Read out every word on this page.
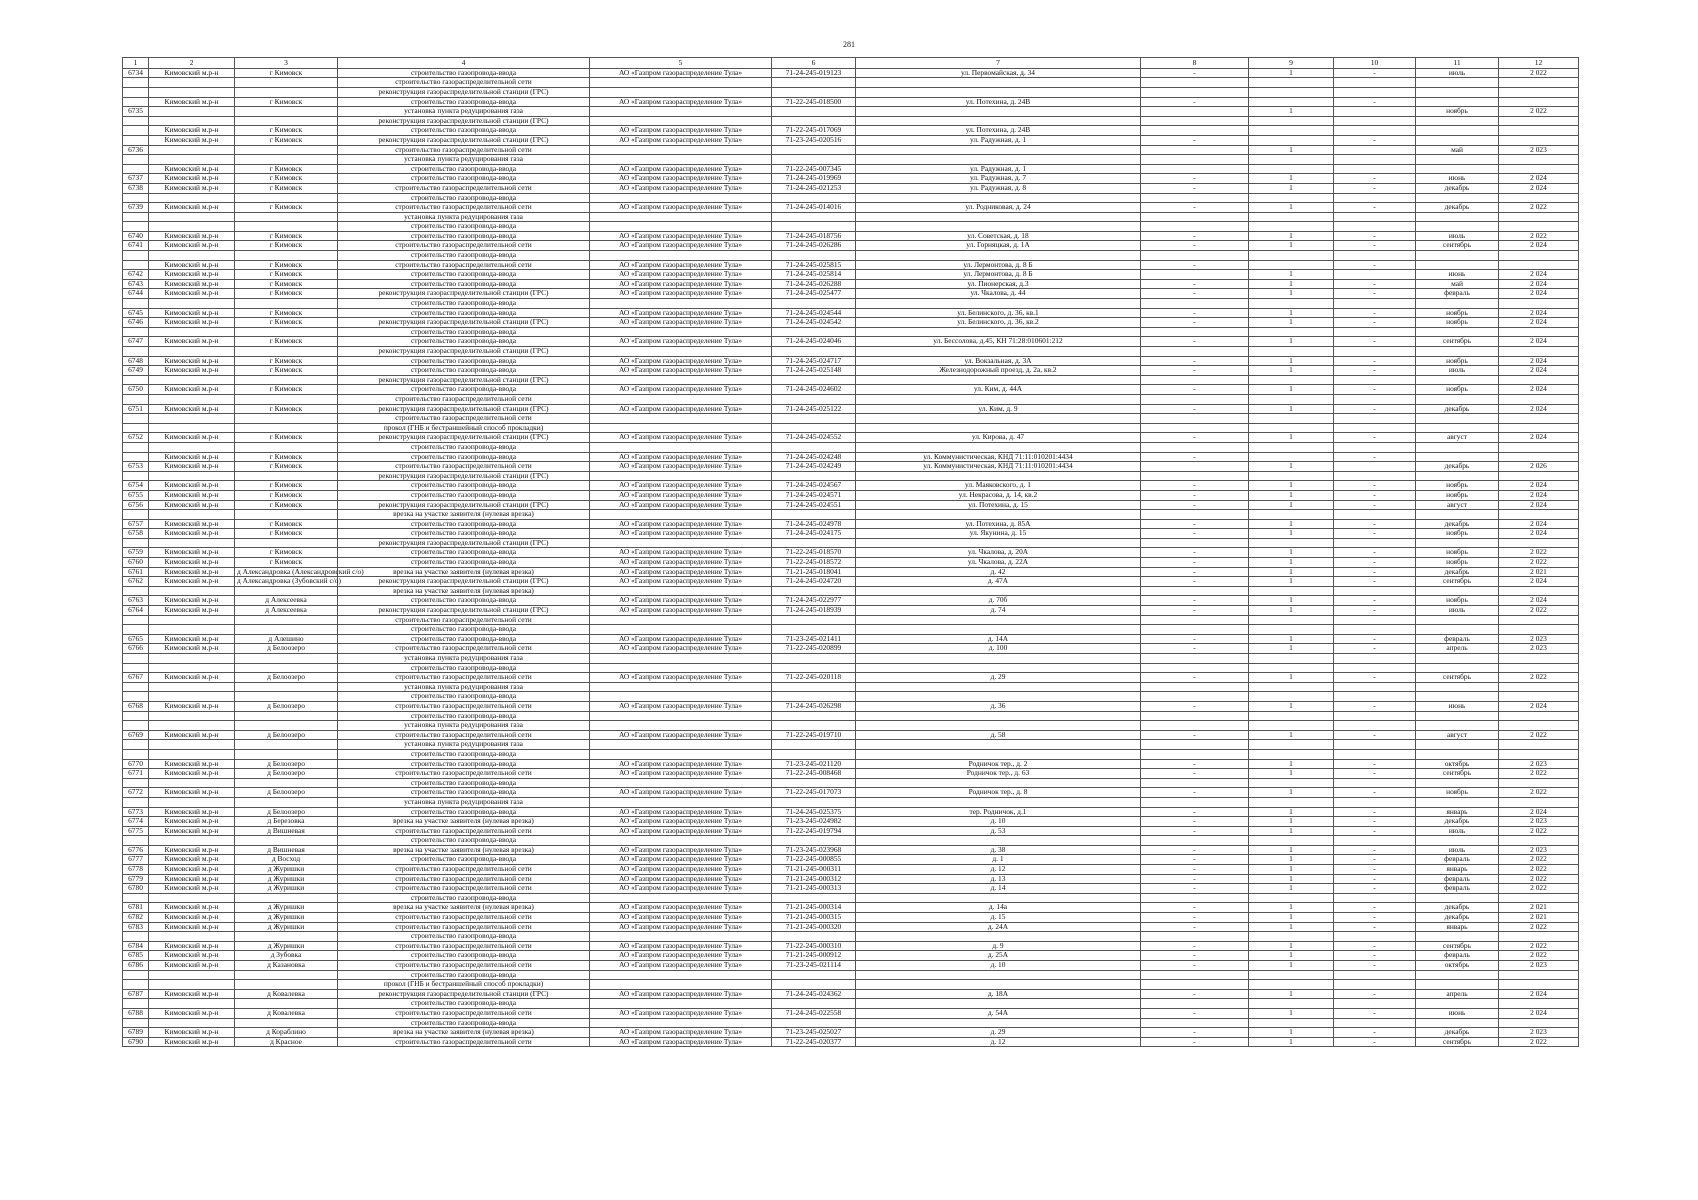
281
1	2	3	4	5	6	7	8	9	10	11	12
6734	Кимовский м.р-н	г Кимовск	строительство газопровода-ввода	АО «Газпром газораспределение Тула»	71-24-245-019123	ул. Первомайская, д. 34	-	1	-	июль	2 022
			строительство газораспределительной сети								
			реконструкция газораспределительной станции (ГРС)								
	Кимовский м.р-н	г Кимовск	строительство газопровода-ввода	АО «Газпром газораспределение Тула»	71-22-245-018500	ул. Потехина, д. 24В	-		-		
6735			установка пункта редуцирования газа					1		ноябрь	2 022
			реконструкция газораспределительной станции (ГРС)								
	Кимовский м.р-н	г Кимовск	строительство газопровода-ввода	АО «Газпром газораспределение Тула»	71-22-245-017069	ул. Потехина, д. 24В					
	Кимовский м.р-н	г Кимовск	реконструкция газораспределительной станции (ГРС)	АО «Газпром газораспределение Тула»	71-23-245-020516	ул. Радужная, д. 1	-		-		
6736			строительство газораспределительной сети					1		май	2 023
			установка пункта редуцирования газа								
	Кимовский м.р-н	г Кимовск	строительство газопровода-ввода	АО «Газпром газораспределение Тула»	71-22-245-007345	ул. Радужная, д. 1					
6737	Кимовский м.р-н	г Кимовск	строительство газопровода-ввода	АО «Газпром газораспределение Тула»	71-24-245-019969	ул. Радужная, д. 7	-	1	-	июнь	2 024
6738	Кимовский м.р-н	г Кимовск	строительство газораспределительной сети	АО «Газпром газораспределение Тула»	71-24-245-021253	ул. Радужная, д. 8	-	1	-	декабрь	2 024
			строительство газопровода-ввода								
6739	Кимовский м.р-н	г Кимовск	строительство газораспределительной сети	АО «Газпром газораспределение Тула»	71-24-245-014016	ул. Родниковая, д. 24	-	1	-	декабрь	2 022
			установка пункта редуцирования газа								
			строительство газопровода-ввода								
6740	Кимовский м.р-н	г Кимовск	строительство газопровода-ввода	АО «Газпром газораспределение Тула»	71-24-245-018756	ул. Советская, д. 18	-	1	-	июль	2 022
6741	Кимовский м.р-н	г Кимовск	строительство газораспределительной сети	АО «Газпром газораспределение Тула»	71-24-245-026286	ул. Горняцкая, д. 1А	-	1	-	сентябрь	2 024
			строительство газопровода-ввода								
	Кимовский м.р-н	г Кимовск	строительство газораспределительной сети	АО «Газпром газораспределение Тула»	71-24-245-025815	ул. Лермонтова, д. 8 Б	-		-		
6742	Кимовский м.р-н	г Кимовск	строительство газопровода-ввода	АО «Газпром газораспределение Тула»	71-24-245-025814	ул. Лермонтова, д. 8 Б		1		июнь	2 024
6743	Кимовский м.р-н	г Кимовск	строительство газопровода-ввода	АО «Газпром газораспределение Тула»	71-24-245-026288	ул. Пионерская, д.3	-	1	-	май	2 024
6744	Кимовский м.р-н	г Кимовск	реконструкция газораспределительной станции (ГРС)	АО «Газпром газораспределение Тула»	71-24-245-025477	ул. Чкалова, д. 44	-	1	-	февраль	2 024
			строительство газопровода-ввода								
6745	Кимовский м.р-н	г Кимовск	строительство газопровода-ввода	АО «Газпром газораспределение Тула»	71-24-245-024544	ул. Белинского, д. 36, кв.1	-	1	-	ноябрь	2 024
6746	Кимовский м.р-н	г Кимовск	реконструкция газораспределительной станции (ГРС)	АО «Газпром газораспределение Тула»	71-24-245-024542	ул. Белинского, д. 36, кв.2	-	1	-	ноябрь	2 024
			строительство газопровода-ввода								
6747	Кимовский м.р-н	г Кимовск	строительство газопровода-ввода	АО «Газпром газораспределение Тула»	71-24-245-024046	ул. Бессолова, д.45, КН 71:28:010601:212	-	1	-	сентябрь	2 024
			реконструкция газораспределительной станции (ГРС)								
6748	Кимовский м.р-н	г Кимовск	строительство газопровода-ввода	АО «Газпром газораспределение Тула»	71-24-245-024717	ул. Вокзальная, д. 3А	-	1	-	ноябрь	2 024
6749	Кимовский м.р-н	г Кимовск	строительство газопровода-ввода	АО «Газпром газораспределение Тула»	71-24-245-025148	Железнодорожный проезд, д. 2а, кв.2	-	1	-	июль	2 024
			реконструкция газораспределительной станции (ГРС)								
6750	Кимовский м.р-н	г Кимовск	строительство газопровода-ввода	АО «Газпром газораспределение Тула»	71-24-245-024602	ул. Ким, д. 44А	-	1	-	ноябрь	2 024
			строительство газораспределительной сети								
6751	Кимовский м.р-н	г Кимовск	реконструкция газораспределительной станции (ГРС)	АО «Газпром газораспределение Тула»	71-24-245-025122	ул. Ким, д. 9	-	1	-	декабрь	2 024
			строительство газораспределительной сети								
			прокол (ГНБ и бестраншейный способ прокладки)								
6752	Кимовский м.р-н	г Кимовск	реконструкция газораспределительной станции (ГРС)	АО «Газпром газораспределение Тула»	71-24-245-024552	ул. Кирова, д. 47	-	1	-	август	2 024
			строительство газопровода-ввода								
	Кимовский м.р-н	г Кимовск	строительство газопровода-ввода	АО «Газпром газораспределение Тула»	71-24-245-024248	ул. Коммунистическая, КНД 71:11:010201:4434	-		-		
6753	Кимовский м.р-н	г Кимовск	строительство газораспределительной сети	АО «Газпром газораспределение Тула»	71-24-245-024249	ул. Коммунистическая, КНД 71:11:010201:4434		1		декабрь	2 026
			реконструкция газораспределительной станции (ГРС)								
6754	Кимовский м.р-н	г Кимовск	строительство газопровода-ввода	АО «Газпром газораспределение Тула»	71-24-245-024567	ул. Маяковского, д. 1	-	1	-	ноябрь	2 024
6755	Кимовский м.р-н	г Кимовск	строительство газопровода-ввода	АО «Газпром газораспределение Тула»	71-24-245-024571	ул. Некрасова, д. 14, кв.2	-	1	-	ноябрь	2 024
6756	Кимовский м.р-н	г Кимовск	реконструкция газораспределительной станции (ГРС)	АО «Газпром газораспределение Тула»	71-24-245-024551	ул. Потехина, д. 15	-	1	-	август	2 024
			врезка на участке заявителя (нулевая врезка)								
6757	Кимовский м.р-н	г Кимовск	строительство газопровода-ввода	АО «Газпром газораспределение Тула»	71-24-245-024978	ул. Потехина, д. 85А	-	1	-	декабрь	2 024
6758	Кимовский м.р-н	г Кимовск	строительство газопровода-ввода	АО «Газпром газораспределение Тула»	71-24-245-024175	ул. Якунина, д. 15	-	1	-	ноябрь	2 024
			реконструкция газораспределительной станции (ГРС)								
6759	Кимовский м.р-н	г Кимовск	строительство газопровода-ввода	АО «Газпром газораспределение Тула»	71-22-245-018570	ул. Чкалова, д. 20А	-	1	-	ноябрь	2 022
6760	Кимовский м.р-н	г Кимовск	строительство газопровода-ввода	АО «Газпром газораспределение Тула»	71-22-245-018572	ул. Чкалова, д. 22А	-	1	-	ноябрь	2 022
6761	Кимовский м.р-н	д Александровка (Александровский с/о)	врезка на участке заявителя (нулевая врезка)	АО «Газпром газораспределение Тула»	71-21-245-018041	д. 42	-	1	-	декабрь	2 021
6762	Кимовский м.р-н	д Александровка (Зубовский с/о)	реконструкция газораспределительной станции (ГРС)	АО «Газпром газораспределение Тула»	71-24-245-024720	д. 47А	-	1	-	сентябрь	2 024
			врезка на участке заявителя (нулевая врезка)								
6763	Кимовский м.р-н	д Алексеевка	строительство газопровода-ввода	АО «Газпром газораспределение Тула»	71-24-245-022977	д. 70б	-	1	-	ноябрь	2 024
6764	Кимовский м.р-н	д Алексеевка	реконструкция газораспределительной станции (ГРС)	АО «Газпром газораспределение Тула»	71-24-245-018939	д. 74	-	1	-	июль	2 022
			строительство газораспределительной сети								
			строительство газопровода-ввода								
6765	Кимовский м.р-н	д Алешино	строительство газопровода-ввода	АО «Газпром газораспределение Тула»	71-23-245-021411	д. 14А	-	1	-	февраль	2 023
6766	Кимовский м.р-н	д Белоозеро	строительство газораспределительной сети	АО «Газпром газораспределение Тула»	71-22-245-020899	д. 100	-	1	-	апрель	2 023
			установка пункта редуцирования газа								
			строительство газопровода-ввода								
6767	Кимовский м.р-н	д Белоозеро	строительство газораспределительной сети	АО «Газпром газораспределение Тула»	71-22-245-020118	д. 29	-	1	-	сентябрь	2 022
			установка пункта редуцирования газа								
			строительство газопровода-ввода								
6768	Кимовский м.р-н	д Белоозеро	строительство газораспределительной сети	АО «Газпром газораспределение Тула»	71-24-245-026298	д. 36	-	1	-	июнь	2 024
			строительство газопровода-ввода								
			установка пункта редуцирования газа								
6769	Кимовский м.р-н	д Белоозеро	строительство газораспределительной сети	АО «Газпром газораспределение Тула»	71-22-245-019710	д. 58	-	1	-	август	2 022
			установка пункта редуцирования газа								
			строительство газопровода-ввода								
6770	Кимовский м.р-н	д Белоозеро	строительство газопровода-ввода	АО «Газпром газораспределение Тула»	71-23-245-021120	Родничок тер., д. 2	-	1	-	октябрь	2 023
6771	Кимовский м.р-н	д Белоозеро	строительство газораспределительной сети	АО «Газпром газораспределение Тула»	71-22-245-008468	Родничок тер., д. 63	-	1	-	сентябрь	2 022
			строительство газопровода-ввода								
6772	Кимовский м.р-н	д Белоозеро	строительство газопровода-ввода	АО «Газпром газораспределение Тула»	71-22-245-017073	Родничок тер., д. 8	-	1	-	ноябрь	2 022
			установка пункта редуцирования газа								
6773	Кимовский м.р-н	д Белоозеро	строительство газопровода-ввода	АО «Газпром газораспределение Тула»	71-24-245-025375	тер. Родничок, д.1	-	1	-	январь	2 024
6774	Кимовский м.р-н	д Березовка	врезка на участке заявителя (нулевая врезка)	АО «Газпром газораспределение Тула»	71-23-245-024982	д. 10	-	1	-	декабрь	2 023
6775	Кимовский м.р-н	д Вишневая	строительство газораспределительной сети	АО «Газпром газораспределение Тула»	71-22-245-019794	д. 53	-	1	-	июль	2 022
			строительство газопровода-ввода								
6776	Кимовский м.р-н	д Вишневая	врезка на участке заявителя (нулевая врезка)	АО «Газпром газораспределение Тула»	71-23-245-023968	д. 38	-	1	-	июль	2 023
6777	Кимовский м.р-н	д Восход	строительство газопровода-ввода	АО «Газпром газораспределение Тула»	71-22-245-000855	д. 1	-	1	-	февраль	2 022
6778	Кимовский м.р-н	д Журишки	строительство газораспределительной сети	АО «Газпром газораспределение Тула»	71-21-245-000311	д. 12	-	1	-	январь	2 022
6779	Кимовский м.р-н	д Журишки	строительство газораспределительной сети	АО «Газпром газораспределение Тула»	71-21-245-000312	д. 13	-	1	-	февраль	2 022
6780	Кимовский м.р-н	д Журишки	строительство газораспределительной сети	АО «Газпром газораспределение Тула»	71-21-245-000313	д. 14	-	1	-	февраль	2 022
			строительство газопровода-ввода								
6781	Кимовский м.р-н	д Журишки	врезка на участке заявителя (нулевая врезка)	АО «Газпром газораспределение Тула»	71-21-245-000314	д. 14а	-	1	-	декабрь	2 021
6782	Кимовский м.р-н	д Журишки	строительство газораспределительной сети	АО «Газпром газораспределение Тула»	71-21-245-000315	д. 15	-	1	-	декабрь	2 021
6783	Кимовский м.р-н	д Журишки	строительство газораспределительной сети	АО «Газпром газораспределение Тула»	71-21-245-000320	д. 24А	-	1	-	январь	2 022
			строительство газопровода-ввода								
6784	Кимовский м.р-н	д Журишки	строительство газораспределительной сети	АО «Газпром газораспределение Тула»	71-22-245-000310	д. 9	-	1	-	сентябрь	2 022
6785	Кимовский м.р-н	д Зубовка	строительство газопровода-ввода	АО «Газпром газораспределение Тула»	71-21-245-000912	д. 25А	-	1	-	февраль	2 022
6786	Кимовский м.р-н	д Казановка	строительство газораспределительной сети	АО «Газпром газораспределение Тула»	71-23-245-021114	д. 10	-	1	-	октябрь	2 023
			строительство газопровода-ввода								
			прокол (ГНБ и бестраншейный способ прокладки)								
6787	Кимовский м.р-н	д Ковалевка	реконструкция газораспределительной станции (ГРС)	АО «Газпром газораспределение Тула»	71-24-245-024362	д. 18А	-	1	-	апрель	2 024
			строительство газопровода-ввода								
6788	Кимовский м.р-н	д Ковалевка	строительство газораспределительной сети	АО «Газпром газораспределение Тула»	71-24-245-022558	д. 54А	-	1	-	июнь	2 024
			строительство газопровода-ввода								
6789	Кимовский м.р-н	д Кораблино	врезка на участке заявителя (нулевая врезка)	АО «Газпром газораспределение Тула»	71-23-245-025027	д. 29	-	1	-	декабрь	2 023
6790	Кимовский м.р-н	д Красное	строительство газораспределительной сети	АО «Газпром газораспределение Тула»	71-22-245-020377	д. 12	-	1	-	сентябрь	2 022
